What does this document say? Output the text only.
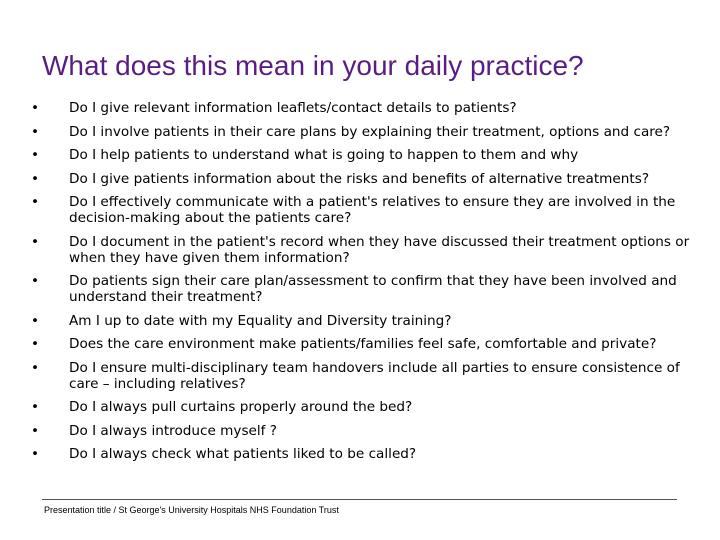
What does this mean in your daily practice?
• Do I give relevant information leaflets/contact details to patients?
• Do I involve patients in their care plans by explaining their treatment, options and care?
• Do I help patients to understand what is going to happen to them and why
• Do I give patients information about the risks and benefits of alternative treatments?
• Do I effectively communicate with a patient's relatives to ensure they are involved in the decision-making about the patients care?
• Do I document in the patient's record when they have discussed their treatment options or when they have given them information?
• Do patients sign their care plan/assessment to confirm that they have been involved and understand their treatment?
• Am I up to date with my Equality and Diversity training?
• Does the care environment make patients/families feel safe, comfortable and private?
• Do I ensure multi-disciplinary team handovers include all parties to ensure consistence of care – including relatives?
• Do I always pull curtains properly around the bed?
• Do I always introduce myself ?
• Do I always check what patients liked to be called?
Presentation title / St George's University Hospitals NHS Foundation Trust
